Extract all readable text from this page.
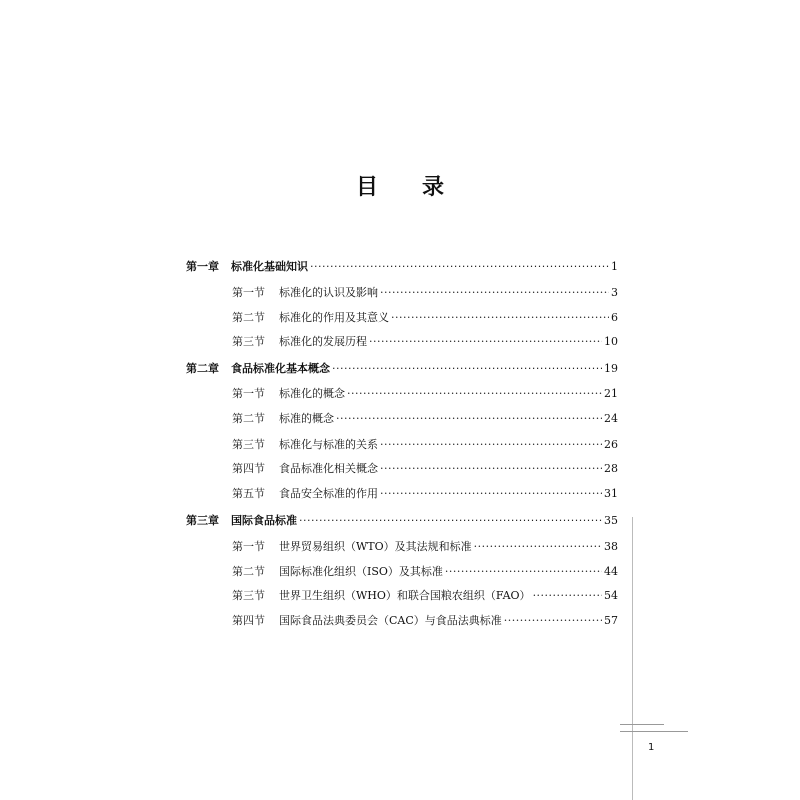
目 录
第一章 标准化基础知识 ·····	1
第一节 标准化的认识及影响 ·····	3
第二节 标准化的作用及其意义 ·····	6
第三节 标准化的发展历程 ·····	10
第二章 食品标准化基本概念 ·····	19
第一节 标准化的概念 ·····	21
第二节 标准的概念 ·····	24
第三节 标准化与标准的关系 ·····	26
第四节 食品标准化相关概念 ·····	28
第五节 食品安全标准的作用 ·····	31
第三章 国际食品标准 ·····	35
第一节 世界贸易组织（WTO）及其法规和标准 ·····	38
第二节 国际标准化组织（ISO）及其标准 ·····	44
第三节 世界卫生组织（WHO）和联合国粮农组织（FAO） ·····	54
第四节 国际食品法典委员会（CAC）与食品法典标准 ·····	57
1
